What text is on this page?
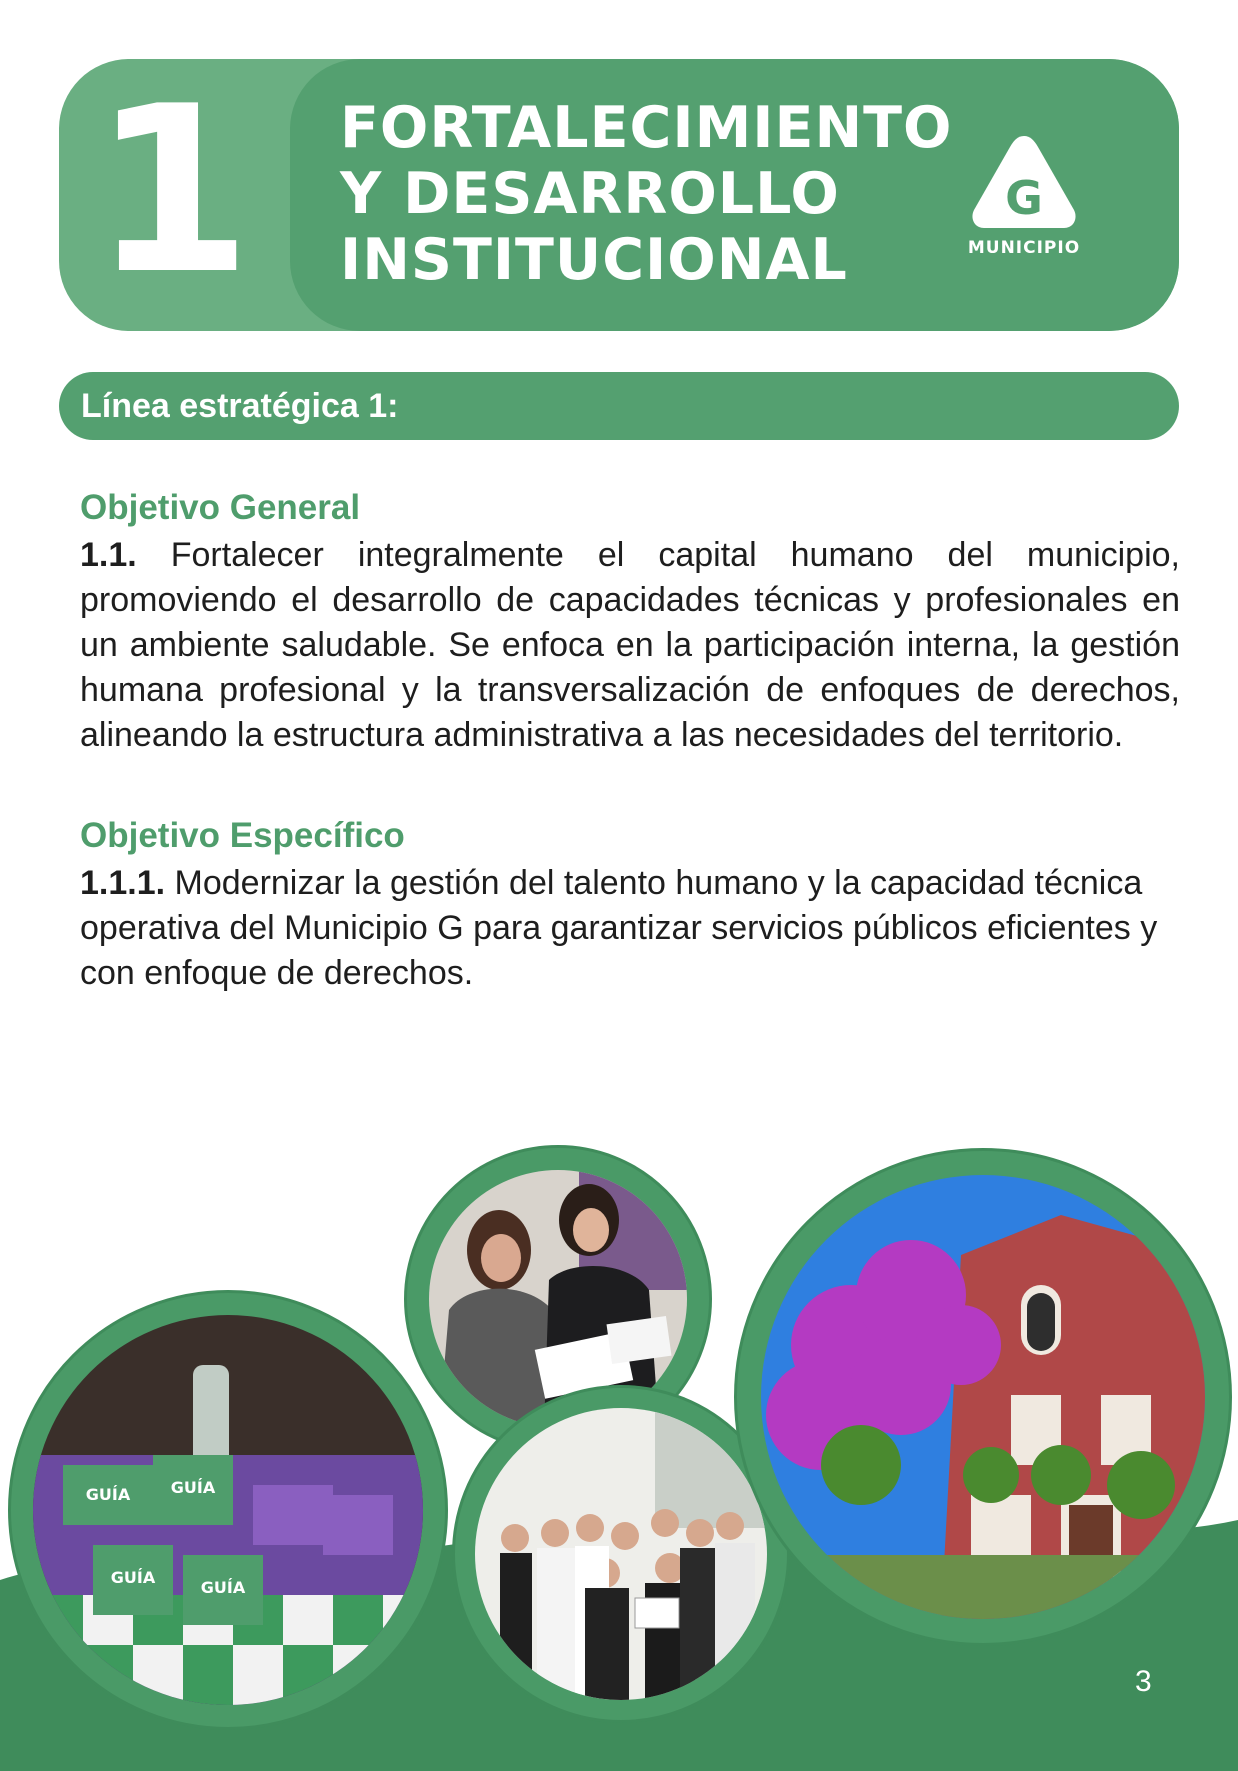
1 FORTALECIMIENTO
Y DESARROLLO
INSTITUCIONAL
G
MUNICIPIO
Línea estratégica 1:
Objetivo General

1.1. Fortalecer integralmente el capital humano del municipio, promoviendo el desarrollo de capacidades técnicas y profesionales en un ambiente saludable. Se enfoca en la participación interna, la gestión humana profesional y la transversalización de enfoques de derechos, alineando la estructura administrativa a las necesidades del territorio.

Objetivo Específico

1.1.1. Modernizar la gestión del talento humano y la capacidad técnica operativa del Municipio G para garantizar servicios públicos eficientes y con enfoque de derechos.

GUÍA	GUÍA
GUÍA
GUÍA
3
